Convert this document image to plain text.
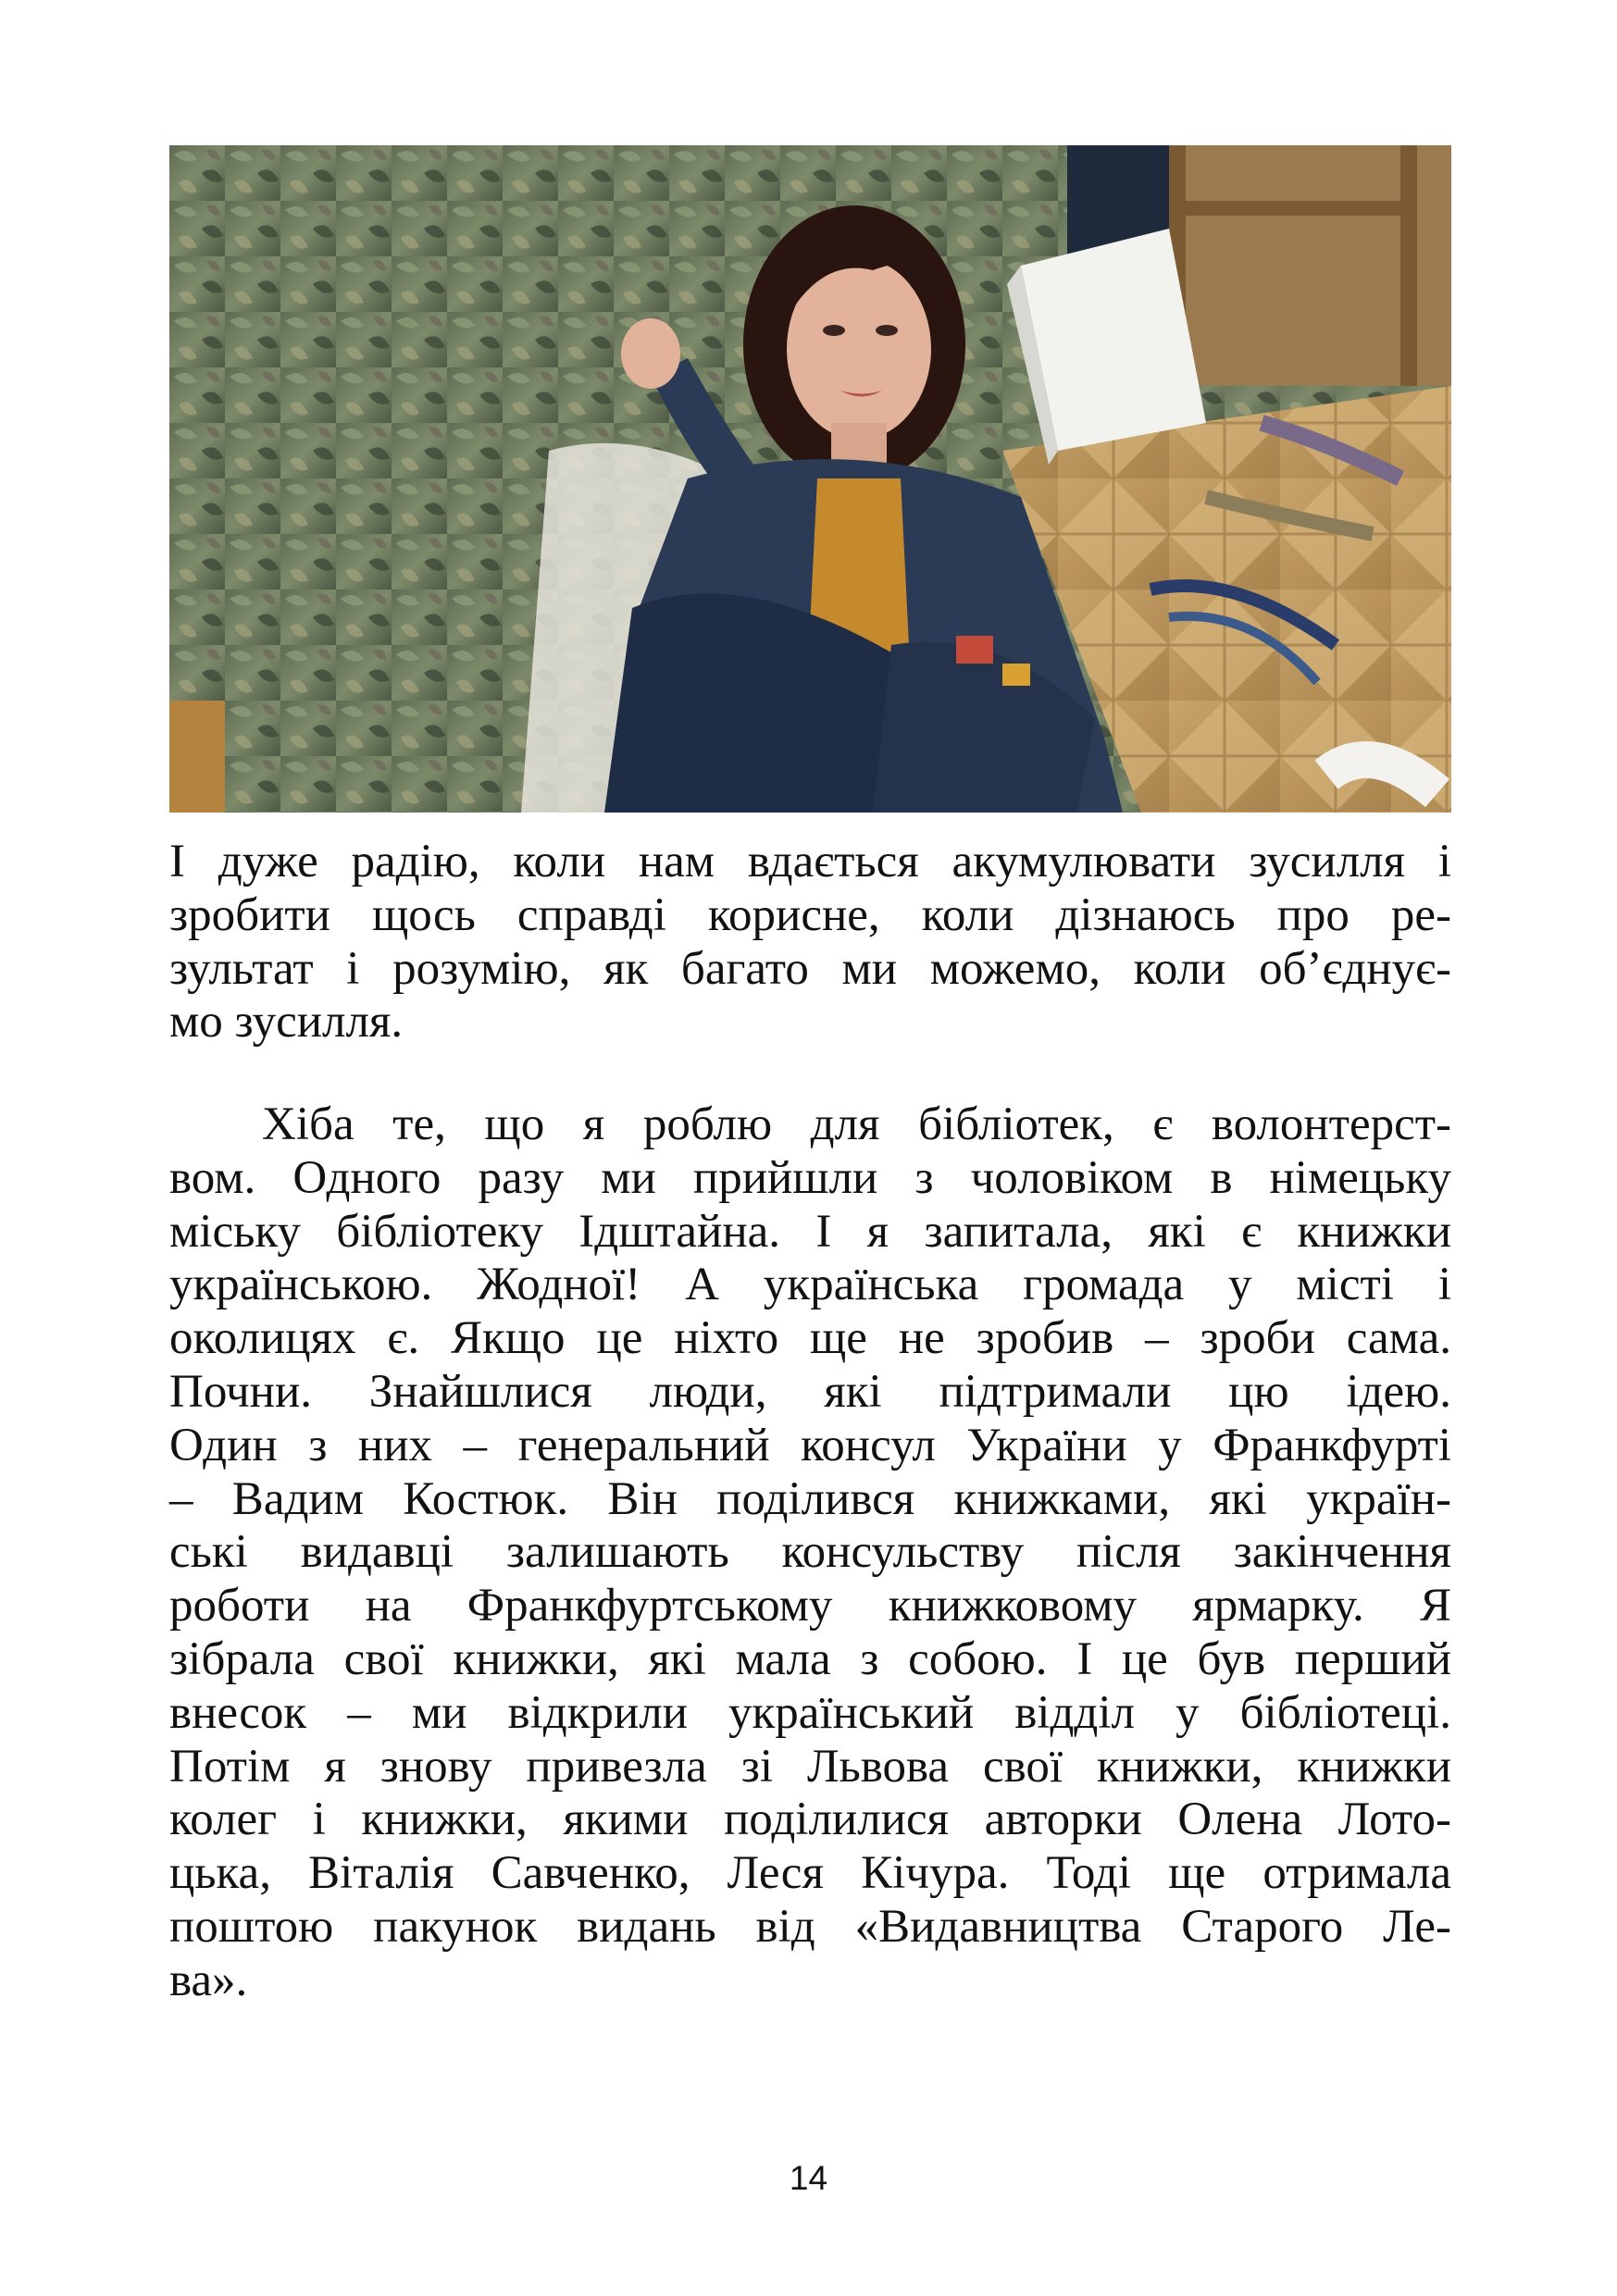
І дуже радію, коли нам вдається акумулювати зусилля і
зробити щось справді корисне, коли дізнаюсь про ре-
зультат і розумію, як багато ми можемо, коли об’єднує-
мо зусилля.
Хіба те, що я роблю для бібліотек, є волонтерст-
вом. Одного разу ми прийшли з чоловіком в німецьку
міську бібліотеку Ідштайна. І я запитала, які є книжки
українською. Жодної! А українська громада у місті і
околицях є. Якщо це ніхто ще не зробив – зроби сама.
Почни. Знайшлися люди, які підтримали цю ідею.
Один з них – генеральний консул України у Франкфурті
– Вадим Костюк. Він поділився книжками, які україн-
ські видавці залишають консульству після закінчення
роботи на Франкфуртському книжковому ярмарку. Я
зібрала свої книжки, які мала з собою. І це був перший
внесок – ми відкрили український відділ у бібліотеці.
Потім я знову привезла зі Львова свої книжки, книжки
колег і книжки, якими поділилися авторки Олена Лото-
цька, Віталія Савченко, Леся Кічура. Тоді ще отримала
поштою пакунок видань від «Видавництва Старого Ле-
ва».
14
